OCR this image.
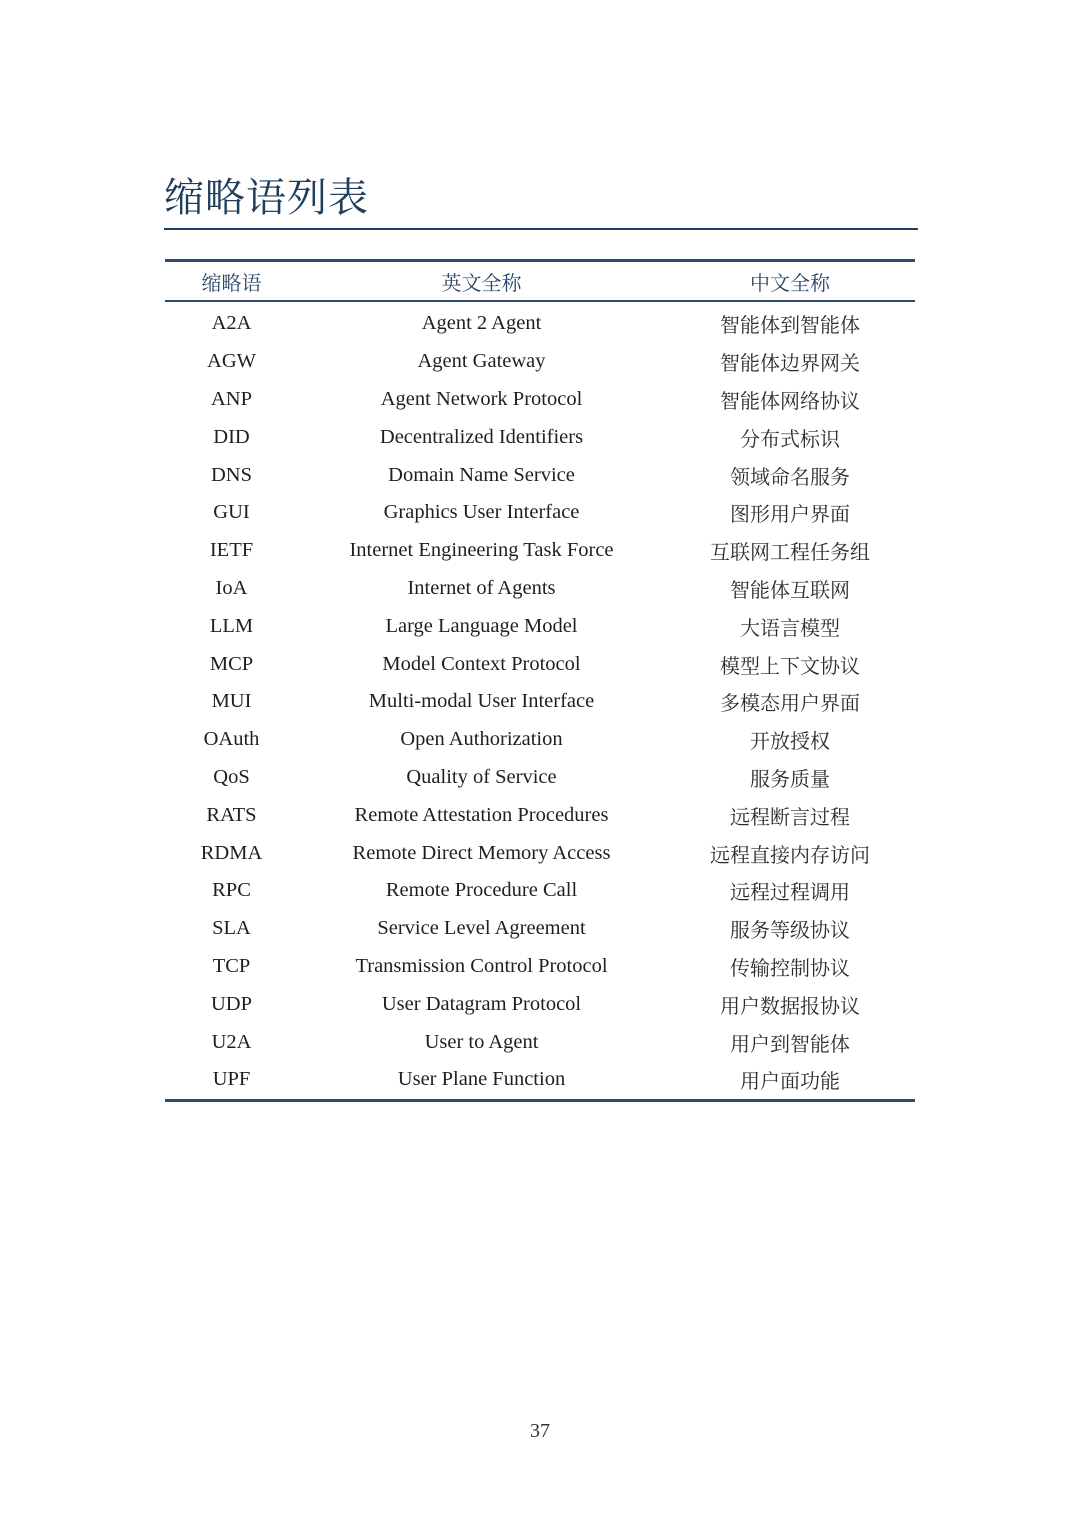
缩略语列表
缩略语	英文全称	中文全称
A2A	Agent 2 Agent	智能体到智能体
AGW	Agent Gateway	智能体边界网关
ANP	Agent Network Protocol	智能体网络协议
DID	Decentralized Identifiers	分布式标识
DNS	Domain Name Service	领域命名服务
GUI	Graphics User Interface	图形用户界面
IETF	Internet Engineering Task Force	互联网工程任务组
IoA	Internet of Agents	智能体互联网
LLM	Large Language Model	大语言模型
MCP	Model Context Protocol	模型上下文协议
MUI	Multi-modal User Interface	多模态用户界面
OAuth	Open Authorization	开放授权
QoS	Quality of Service	服务质量
RATS	Remote Attestation Procedures	远程断言过程
RDMA	Remote Direct Memory Access	远程直接内存访问
RPC	Remote Procedure Call	远程过程调用
SLA	Service Level Agreement	服务等级协议
TCP	Transmission Control Protocol	传输控制协议
UDP	User Datagram Protocol	用户数据报协议
U2A	User to Agent	用户到智能体
UPF	User Plane Function	用户面功能
37
